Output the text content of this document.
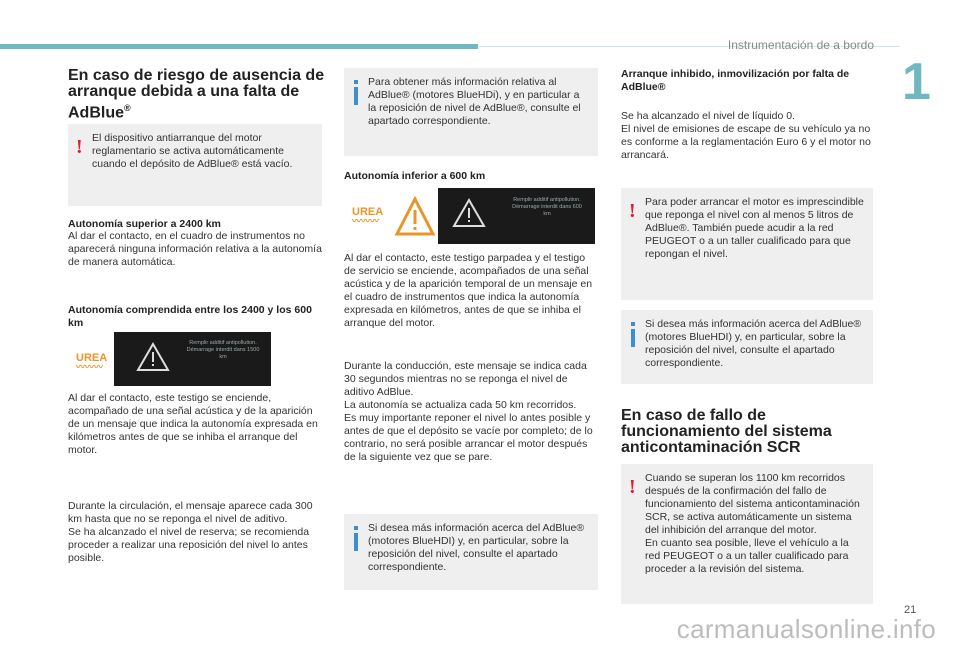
Instrumentación de a bordo
1
En caso de riesgo de ausencia de arranque debida a una falta de AdBlue®
! El dispositivo antiarranque del motor reglamentario se activa automáticamente cuando el depósito de AdBlue® está vacío.

Autonomía superior a 2400 km

Al dar el contacto, en el cuadro de instrumentos no aparecerá ninguna información relativa a la autonomía de manera automática.

Autonomía comprendida entre los 2400 y los 600 km
UREA
〰〰〰
Remplir additif antipollution. Démarrage interdit dans 1500 km

Al dar el contacto, este testigo se enciende, acompañado de una señal acústica y de la aparición de un mensaje que indica la autonomía expresada en kilómetros antes de que se inhiba el arranque del motor.

Durante la circulación, el mensaje aparece cada 300 km hasta que no se reponga el nivel de aditivo.
Se ha alcanzado el nivel de reserva; se recomienda proceder a realizar una reposición del nivel lo antes posible.

Para obtener más información relativa al AdBlue® (motores BlueHDi), y en particular a la reposición de nivel de AdBlue®, consulte el apartado correspondiente.

Autonomía inferior a 600 km
UREA
〰〰〰
Remplir additif antipollution. Démarrage interdit dans 600 km

Al dar el contacto, este testigo parpadea y el testigo de servicio se enciende, acompañados de una señal acústica y de la aparición temporal de un mensaje en el cuadro de instrumentos que indica la autonomía expresada en kilómetros, antes de que se inhiba el arranque del motor.

Durante la conducción, este mensaje se indica cada 30 segundos mientras no se reponga el nivel de aditivo AdBlue.
La autonomía se actualiza cada 50 km recorridos.
Es muy importante reponer el nivel lo antes posible y antes de que el depósito se vacíe por completo; de lo contrario, no será posible arrancar el motor después de la siguiente vez que se pare.

Si desea más información acerca del AdBlue® (motores BlueHDI) y, en particular, sobre la reposición del nivel, consulte el apartado correspondiente.

Arranque inhibido, inmovilización por falta de AdBlue®

Se ha alcanzado el nivel de líquido 0.
El nivel de emisiones de escape de su vehículo ya no es conforme a la reglamentación Euro 6 y el motor no arrancará.

! Para poder arrancar el motor es imprescindible que reponga el nivel con al menos 5 litros de AdBlue®. También puede acudir a la red PEUGEOT o a un taller cualificado para que repongan el nivel.

Si desea más información acerca del AdBlue® (motores BlueHDI) y, en particular, sobre la reposición del nivel, consulte el apartado correspondiente.

En caso de fallo de funcionamiento del sistema anticontaminación SCR
! Cuando se superan los 1100 km recorridos después de la confirmación del fallo de funcionamiento del sistema anticontaminación SCR, se activa automáticamente un sistema del inhibición del arranque del motor.
En cuanto sea posible, lleve el vehículo a la red PEUGEOT o a un taller cualificado para proceder a la revisión del sistema.

21
carmanualsonline.info
